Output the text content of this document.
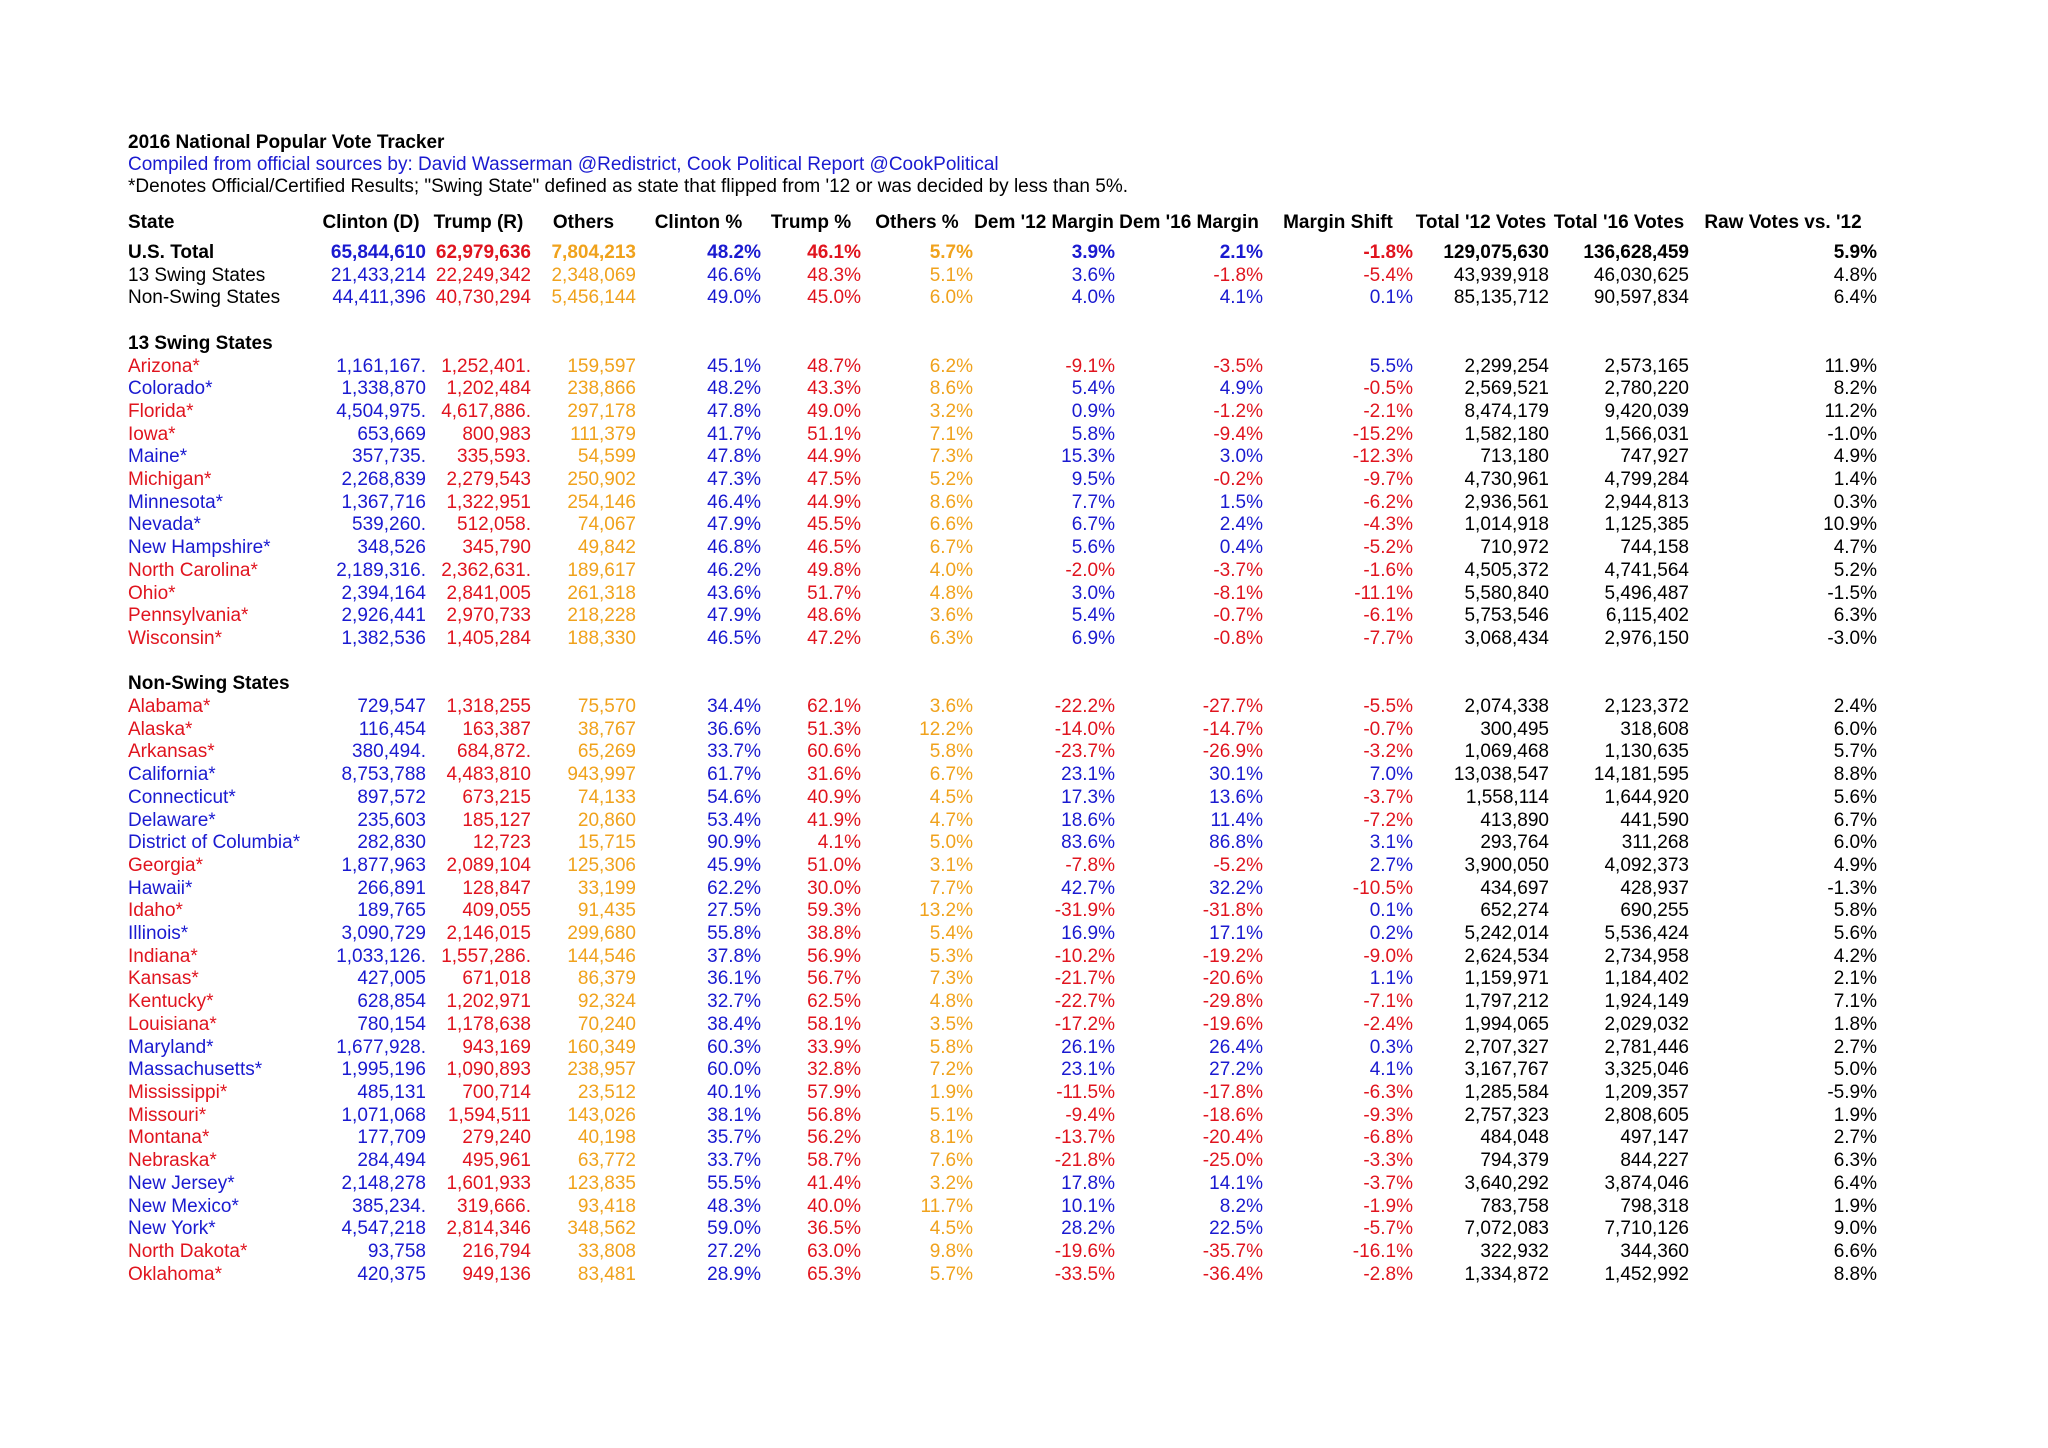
2016 National Popular Vote Tracker
Compiled from official sources by: David Wasserman @Redistrict, Cook Political Report @CookPolitical
*Denotes Official/Certified Results; "Swing State" defined as state that flipped from '12 or was decided by less than 5%.
State	Clinton (D)	Trump (R)	Others	Clinton %	Trump %	Others %	Dem '12 Margin	Dem '16 Margin	Margin Shift	Total '12 Votes	Total '16 Votes	Raw Votes vs. '12
U.S. Total	65,844,610	62,979,636	7,804,213	48.2%	46.1%	5.7%	3.9%	2.1%	-1.8%	129,075,630	136,628,459	5.9%
13 Swing States	21,433,214	22,249,342	2,348,069	46.6%	48.3%	5.1%	3.6%	-1.8%	-5.4%	43,939,918	46,030,625	4.8%
Non-Swing States	44,411,396	40,730,294	5,456,144	49.0%	45.0%	6.0%	4.0%	4.1%	0.1%	85,135,712	90,597,834	6.4%

13 Swing States												
Arizona*	1,161,167.	1,252,401.	159,597	45.1%	48.7%	6.2%	-9.1%	-3.5%	5.5%	2,299,254	2,573,165	11.9%
Colorado*	1,338,870	1,202,484	238,866	48.2%	43.3%	8.6%	5.4%	4.9%	-0.5%	2,569,521	2,780,220	8.2%
Florida*	4,504,975.	4,617,886.	297,178	47.8%	49.0%	3.2%	0.9%	-1.2%	-2.1%	8,474,179	9,420,039	11.2%
Iowa*	653,669	800,983	111,379	41.7%	51.1%	7.1%	5.8%	-9.4%	-15.2%	1,582,180	1,566,031	-1.0%
Maine*	357,735.	335,593.	54,599	47.8%	44.9%	7.3%	15.3%	3.0%	-12.3%	713,180	747,927	4.9%
Michigan*	2,268,839	2,279,543	250,902	47.3%	47.5%	5.2%	9.5%	-0.2%	-9.7%	4,730,961	4,799,284	1.4%
Minnesota*	1,367,716	1,322,951	254,146	46.4%	44.9%	8.6%	7.7%	1.5%	-6.2%	2,936,561	2,944,813	0.3%
Nevada*	539,260.	512,058.	74,067	47.9%	45.5%	6.6%	6.7%	2.4%	-4.3%	1,014,918	1,125,385	10.9%
New Hampshire*	348,526	345,790	49,842	46.8%	46.5%	6.7%	5.6%	0.4%	-5.2%	710,972	744,158	4.7%
North Carolina*	2,189,316.	2,362,631.	189,617	46.2%	49.8%	4.0%	-2.0%	-3.7%	-1.6%	4,505,372	4,741,564	5.2%
Ohio*	2,394,164	2,841,005	261,318	43.6%	51.7%	4.8%	3.0%	-8.1%	-11.1%	5,580,840	5,496,487	-1.5%
Pennsylvania*	2,926,441	2,970,733	218,228	47.9%	48.6%	3.6%	5.4%	-0.7%	-6.1%	5,753,546	6,115,402	6.3%
Wisconsin*	1,382,536	1,405,284	188,330	46.5%	47.2%	6.3%	6.9%	-0.8%	-7.7%	3,068,434	2,976,150	-3.0%

Non-Swing States												
Alabama*	729,547	1,318,255	75,570	34.4%	62.1%	3.6%	-22.2%	-27.7%	-5.5%	2,074,338	2,123,372	2.4%
Alaska*	116,454	163,387	38,767	36.6%	51.3%	12.2%	-14.0%	-14.7%	-0.7%	300,495	318,608	6.0%
Arkansas*	380,494.	684,872.	65,269	33.7%	60.6%	5.8%	-23.7%	-26.9%	-3.2%	1,069,468	1,130,635	5.7%
California*	8,753,788	4,483,810	943,997	61.7%	31.6%	6.7%	23.1%	30.1%	7.0%	13,038,547	14,181,595	8.8%
Connecticut*	897,572	673,215	74,133	54.6%	40.9%	4.5%	17.3%	13.6%	-3.7%	1,558,114	1,644,920	5.6%
Delaware*	235,603	185,127	20,860	53.4%	41.9%	4.7%	18.6%	11.4%	-7.2%	413,890	441,590	6.7%
District of Columbia*	282,830	12,723	15,715	90.9%	4.1%	5.0%	83.6%	86.8%	3.1%	293,764	311,268	6.0%
Georgia*	1,877,963	2,089,104	125,306	45.9%	51.0%	3.1%	-7.8%	-5.2%	2.7%	3,900,050	4,092,373	4.9%
Hawaii*	266,891	128,847	33,199	62.2%	30.0%	7.7%	42.7%	32.2%	-10.5%	434,697	428,937	-1.3%
Idaho*	189,765	409,055	91,435	27.5%	59.3%	13.2%	-31.9%	-31.8%	0.1%	652,274	690,255	5.8%
Illinois*	3,090,729	2,146,015	299,680	55.8%	38.8%	5.4%	16.9%	17.1%	0.2%	5,242,014	5,536,424	5.6%
Indiana*	1,033,126.	1,557,286.	144,546	37.8%	56.9%	5.3%	-10.2%	-19.2%	-9.0%	2,624,534	2,734,958	4.2%
Kansas*	427,005	671,018	86,379	36.1%	56.7%	7.3%	-21.7%	-20.6%	1.1%	1,159,971	1,184,402	2.1%
Kentucky*	628,854	1,202,971	92,324	32.7%	62.5%	4.8%	-22.7%	-29.8%	-7.1%	1,797,212	1,924,149	7.1%
Louisiana*	780,154	1,178,638	70,240	38.4%	58.1%	3.5%	-17.2%	-19.6%	-2.4%	1,994,065	2,029,032	1.8%
Maryland*	1,677,928.	943,169	160,349	60.3%	33.9%	5.8%	26.1%	26.4%	0.3%	2,707,327	2,781,446	2.7%
Massachusetts*	1,995,196	1,090,893	238,957	60.0%	32.8%	7.2%	23.1%	27.2%	4.1%	3,167,767	3,325,046	5.0%
Mississippi*	485,131	700,714	23,512	40.1%	57.9%	1.9%	-11.5%	-17.8%	-6.3%	1,285,584	1,209,357	-5.9%
Missouri*	1,071,068	1,594,511	143,026	38.1%	56.8%	5.1%	-9.4%	-18.6%	-9.3%	2,757,323	2,808,605	1.9%
Montana*	177,709	279,240	40,198	35.7%	56.2%	8.1%	-13.7%	-20.4%	-6.8%	484,048	497,147	2.7%
Nebraska*	284,494	495,961	63,772	33.7%	58.7%	7.6%	-21.8%	-25.0%	-3.3%	794,379	844,227	6.3%
New Jersey*	2,148,278	1,601,933	123,835	55.5%	41.4%	3.2%	17.8%	14.1%	-3.7%	3,640,292	3,874,046	6.4%
New Mexico*	385,234.	319,666.	93,418	48.3%	40.0%	11.7%	10.1%	8.2%	-1.9%	783,758	798,318	1.9%
New York*	4,547,218	2,814,346	348,562	59.0%	36.5%	4.5%	28.2%	22.5%	-5.7%	7,072,083	7,710,126	9.0%
North Dakota*	93,758	216,794	33,808	27.2%	63.0%	9.8%	-19.6%	-35.7%	-16.1%	322,932	344,360	6.6%
Oklahoma*	420,375	949,136	83,481	28.9%	65.3%	5.7%	-33.5%	-36.4%	-2.8%	1,334,872	1,452,992	8.8%
